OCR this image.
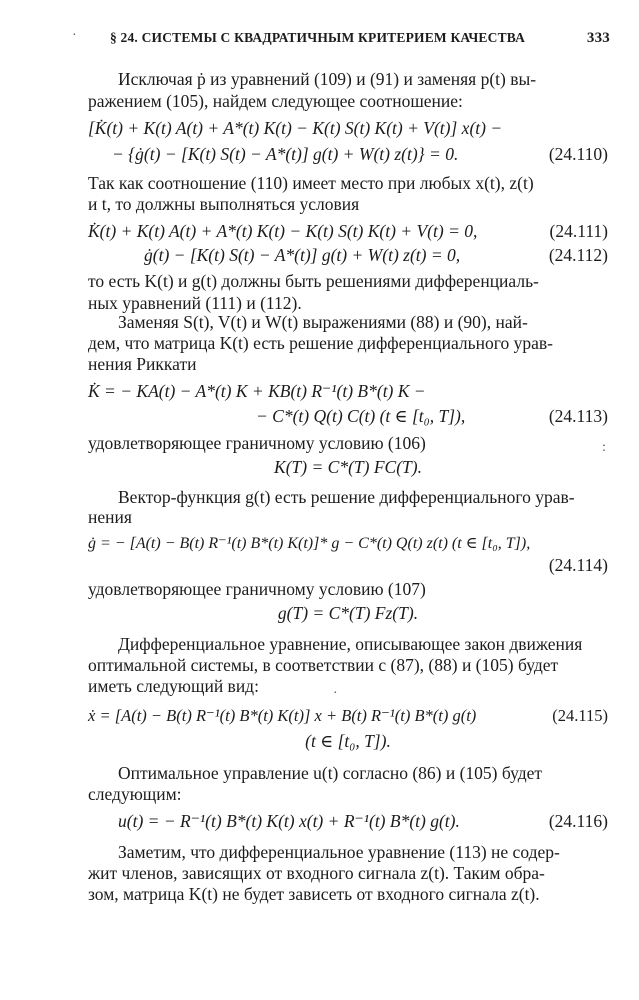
§ 24. СИСТЕМЫ С КВАДРАТИЧНЫМ КРИТЕРИЕМ КАЧЕСТВА	333
Исключая ṗ из уравнений (109) и (91) и заменяя p(t) вы-
ражением (105), найдем следующее соотношение:
[K̇(t) + K(t) A(t) + A*(t) K(t) − K(t) S(t) K(t) + V(t)] x(t) −
− {ġ(t) − [K(t) S(t) − A*(t)] g(t) + W(t) z(t)} = 0.	(24.110)
Так как соотношение (110) имеет место при любых x(t), z(t)
и t, то должны выполняться условия
K̇(t) + K(t) A(t) + A*(t) K(t) − K(t) S(t) K(t) + V(t) = 0,	(24.111)
ġ(t) − [K(t) S(t) − A*(t)] g(t) + W(t) z(t) = 0,	(24.112)
то есть K(t) и g(t) должны быть решениями дифференциаль-
ных уравнений (111) и (112).
Заменяя S(t), V(t) и W(t) выражениями (88) и (90), най-
дем, что матрица K(t) есть решение дифференциального урав-
нения Риккати
K̇ = − KA(t) − A*(t) K + KB(t) R⁻¹(t) B*(t) K −
− C*(t) Q(t) C(t) (t ∈ [t₀, T]),	(24.113)
удовлетворяющее граничному условию (106)
K(T) = C*(T) FC(T).
Вектор-функция g(t) есть решение дифференциального урав-
нения
ġ = − [A(t) − B(t) R⁻¹(t) B*(t) K(t)]* g − C*(t) Q(t) z(t) (t ∈ [t₀, T]),
(24.114)
удовлетворяющее граничному условию (107)
g(T) = C*(T) Fz(T).
Дифференциальное уравнение, описывающее закон движения
оптимальной системы, в соответствии с (87), (88) и (105) будет
иметь следующий вид:
ẋ = [A(t) − B(t) R⁻¹(t) B*(t) K(t)] x + B(t) R⁻¹(t) B*(t) g(t)	(24.115)
(t ∈ [t₀, T]).
Оптимальное управление u(t) согласно (86) и (105) будет
следующим:
u(t) = − R⁻¹(t) B*(t) K(t) x(t) + R⁻¹(t) B*(t) g(t).	(24.116)
Заметим, что дифференциальное уравнение (113) не содер-
жит членов, зависящих от входного сигнала z(t). Таким обра-
зом, матрица K(t) не будет зависеть от входного сигнала z(t).
·
:
·
